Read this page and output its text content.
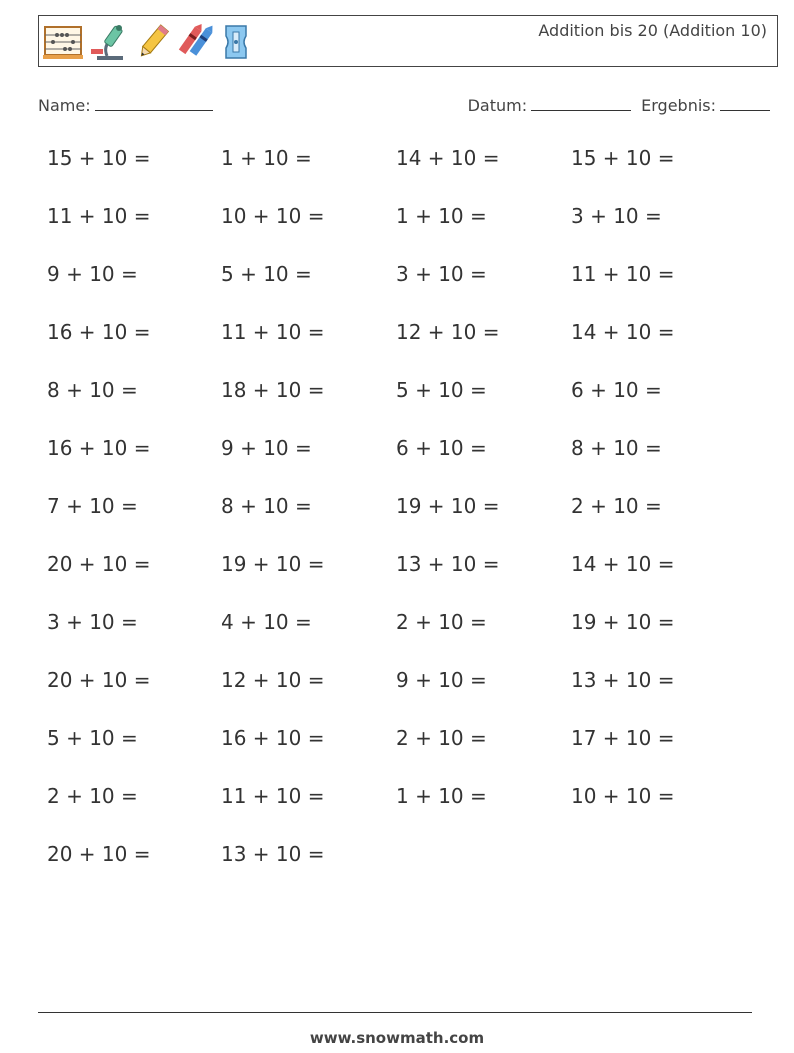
Addition bis 20 (Addition 10)
Name:	Datum:	Ergebnis:
15 + 10 =	1 + 10 =	14 + 10 =	15 + 10 =
11 + 10 =	10 + 10 =	1 + 10 =	3 + 10 =
9 + 10 =	5 + 10 =	3 + 10 =	11 + 10 =
16 + 10 =	11 + 10 =	12 + 10 =	14 + 10 =
8 + 10 =	18 + 10 =	5 + 10 =	6 + 10 =
16 + 10 =	9 + 10 =	6 + 10 =	8 + 10 =
7 + 10 =	8 + 10 =	19 + 10 =	2 + 10 =
20 + 10 =	19 + 10 =	13 + 10 =	14 + 10 =
3 + 10 =	4 + 10 =	2 + 10 =	19 + 10 =
20 + 10 =	12 + 10 =	9 + 10 =	13 + 10 =
5 + 10 =	16 + 10 =	2 + 10 =	17 + 10 =
2 + 10 =	11 + 10 =	1 + 10 =	10 + 10 =
20 + 10 =	13 + 10 =
www.snowmath.com
